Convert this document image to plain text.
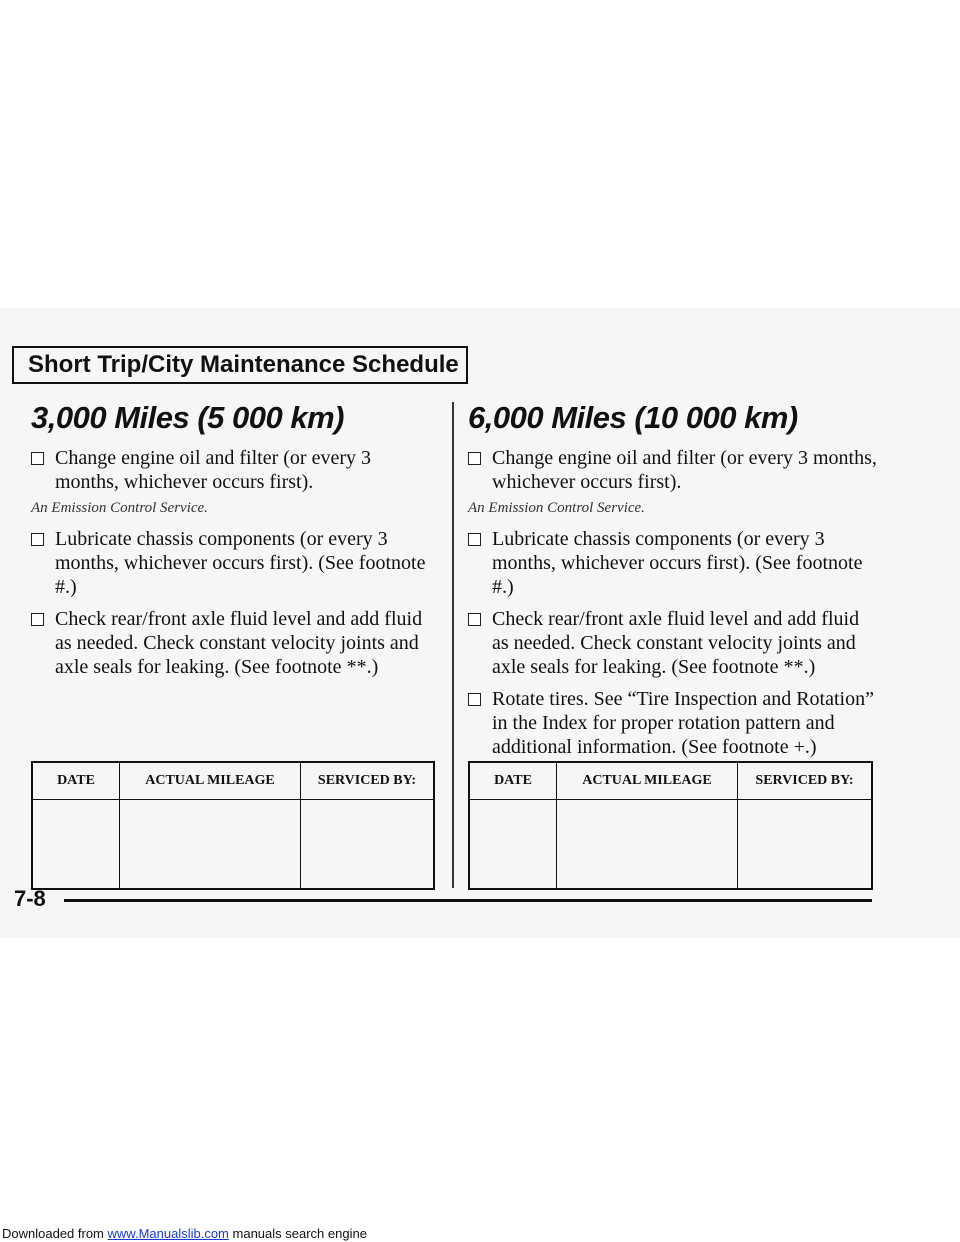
Short Trip/City Maintenance Schedule
3,000 Miles (5 000 km)
Change engine oil and filter (or every 3 months, whichever occurs first).
An Emission Control Service.
Lubricate chassis components (or every 3 months, whichever occurs first). (See footnote #.)
Check rear/front axle fluid level and add fluid as needed. Check constant velocity joints and axle seals for leaking. (See footnote **.)
6,000 Miles (10 000 km)
Change engine oil and filter (or every 3 months, whichever occurs first).
An Emission Control Service.
Lubricate chassis components (or every 3 months, whichever occurs first). (See footnote #.)
Check rear/front axle fluid level and add fluid as needed. Check constant velocity joints and axle seals for leaking. (See footnote **.)
Rotate tires. See “Tire Inspection and Rotation” in the Index for proper rotation pattern and additional information. (See footnote +.)
DATE	ACTUAL MILEAGE	SERVICED BY:
			DATE	ACTUAL MILEAGE	SERVICED BY:

7-8
Downloaded from www.Manualslib.com manuals search engine
